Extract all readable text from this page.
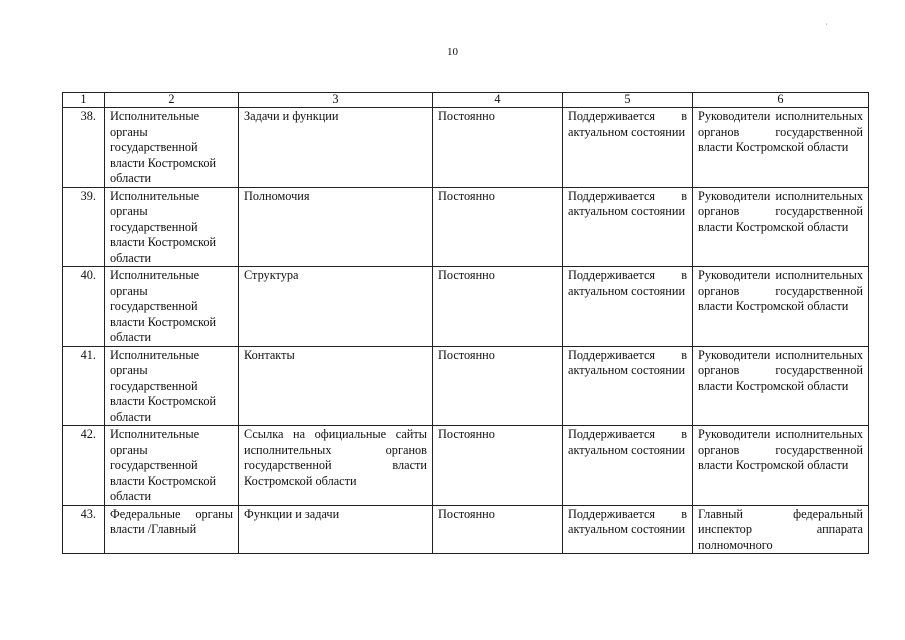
10
,
1	2	3	4	5	6
38.	Исполнительные органы государственной власти Костромской области	Задачи и функции	Постоянно	Поддерживается в актуальном состоянии	Руководители исполнительных органов государственной власти Костромской области
39.	Исполнительные органы государственной власти Костромской области	Полномочия	Постоянно	Поддерживается в актуальном состоянии	Руководители исполнительных органов государственной власти Костромской области
40.	Исполнительные органы государственной власти Костромской области	Структура	Постоянно	Поддерживается в актуальном состоянии	Руководители исполнительных органов государственной власти Костромской области
41.	Исполнительные органы государственной власти Костромской области	Контакты	Постоянно	Поддерживается в актуальном состоянии	Руководители исполнительных органов государственной власти Костромской области
42.	Исполнительные органы государственной власти Костромской области	Ссылка на официальные сайты исполнительных органов государственной власти Костромской области	Постоянно	Поддерживается в актуальном состоянии	Руководители исполнительных органов государственной власти Костромской области
43.	Федеральные органы власти /Главный	Функции и задачи	Постоянно	Поддерживается в актуальном состоянии	Главный федеральный инспектор аппарата полномочного
